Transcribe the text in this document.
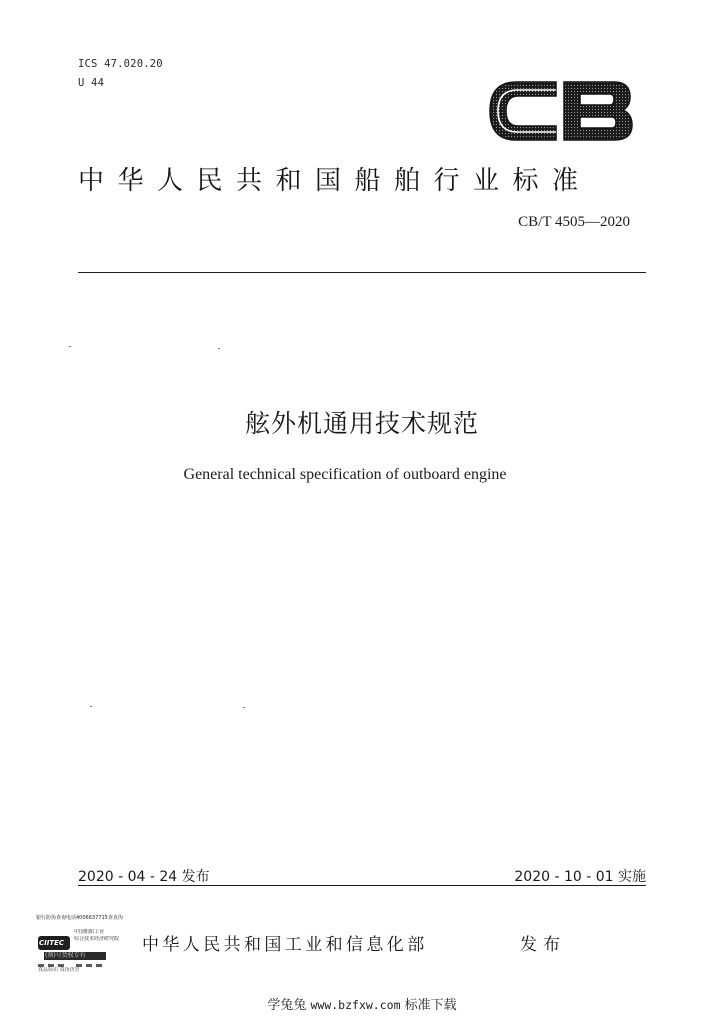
ICS 47.020.20
U 44	CB
中华人民共和国船舶行业标准
CB/T 4505—2020
舷外机通用技术规范
General technical specification of outboard engine
2020 - 04 - 24 发布	2020 - 10 - 01 实施
银行防伪查询电话4006637715查真伪
CIITEC
中国船舶工业
综合技术经济研究院
(刻)号货权专有
真品标识 真伪仿冒
中华人民共和国工业和信息化部	发布
学兔兔 www.bzfxw.com 标准下载
